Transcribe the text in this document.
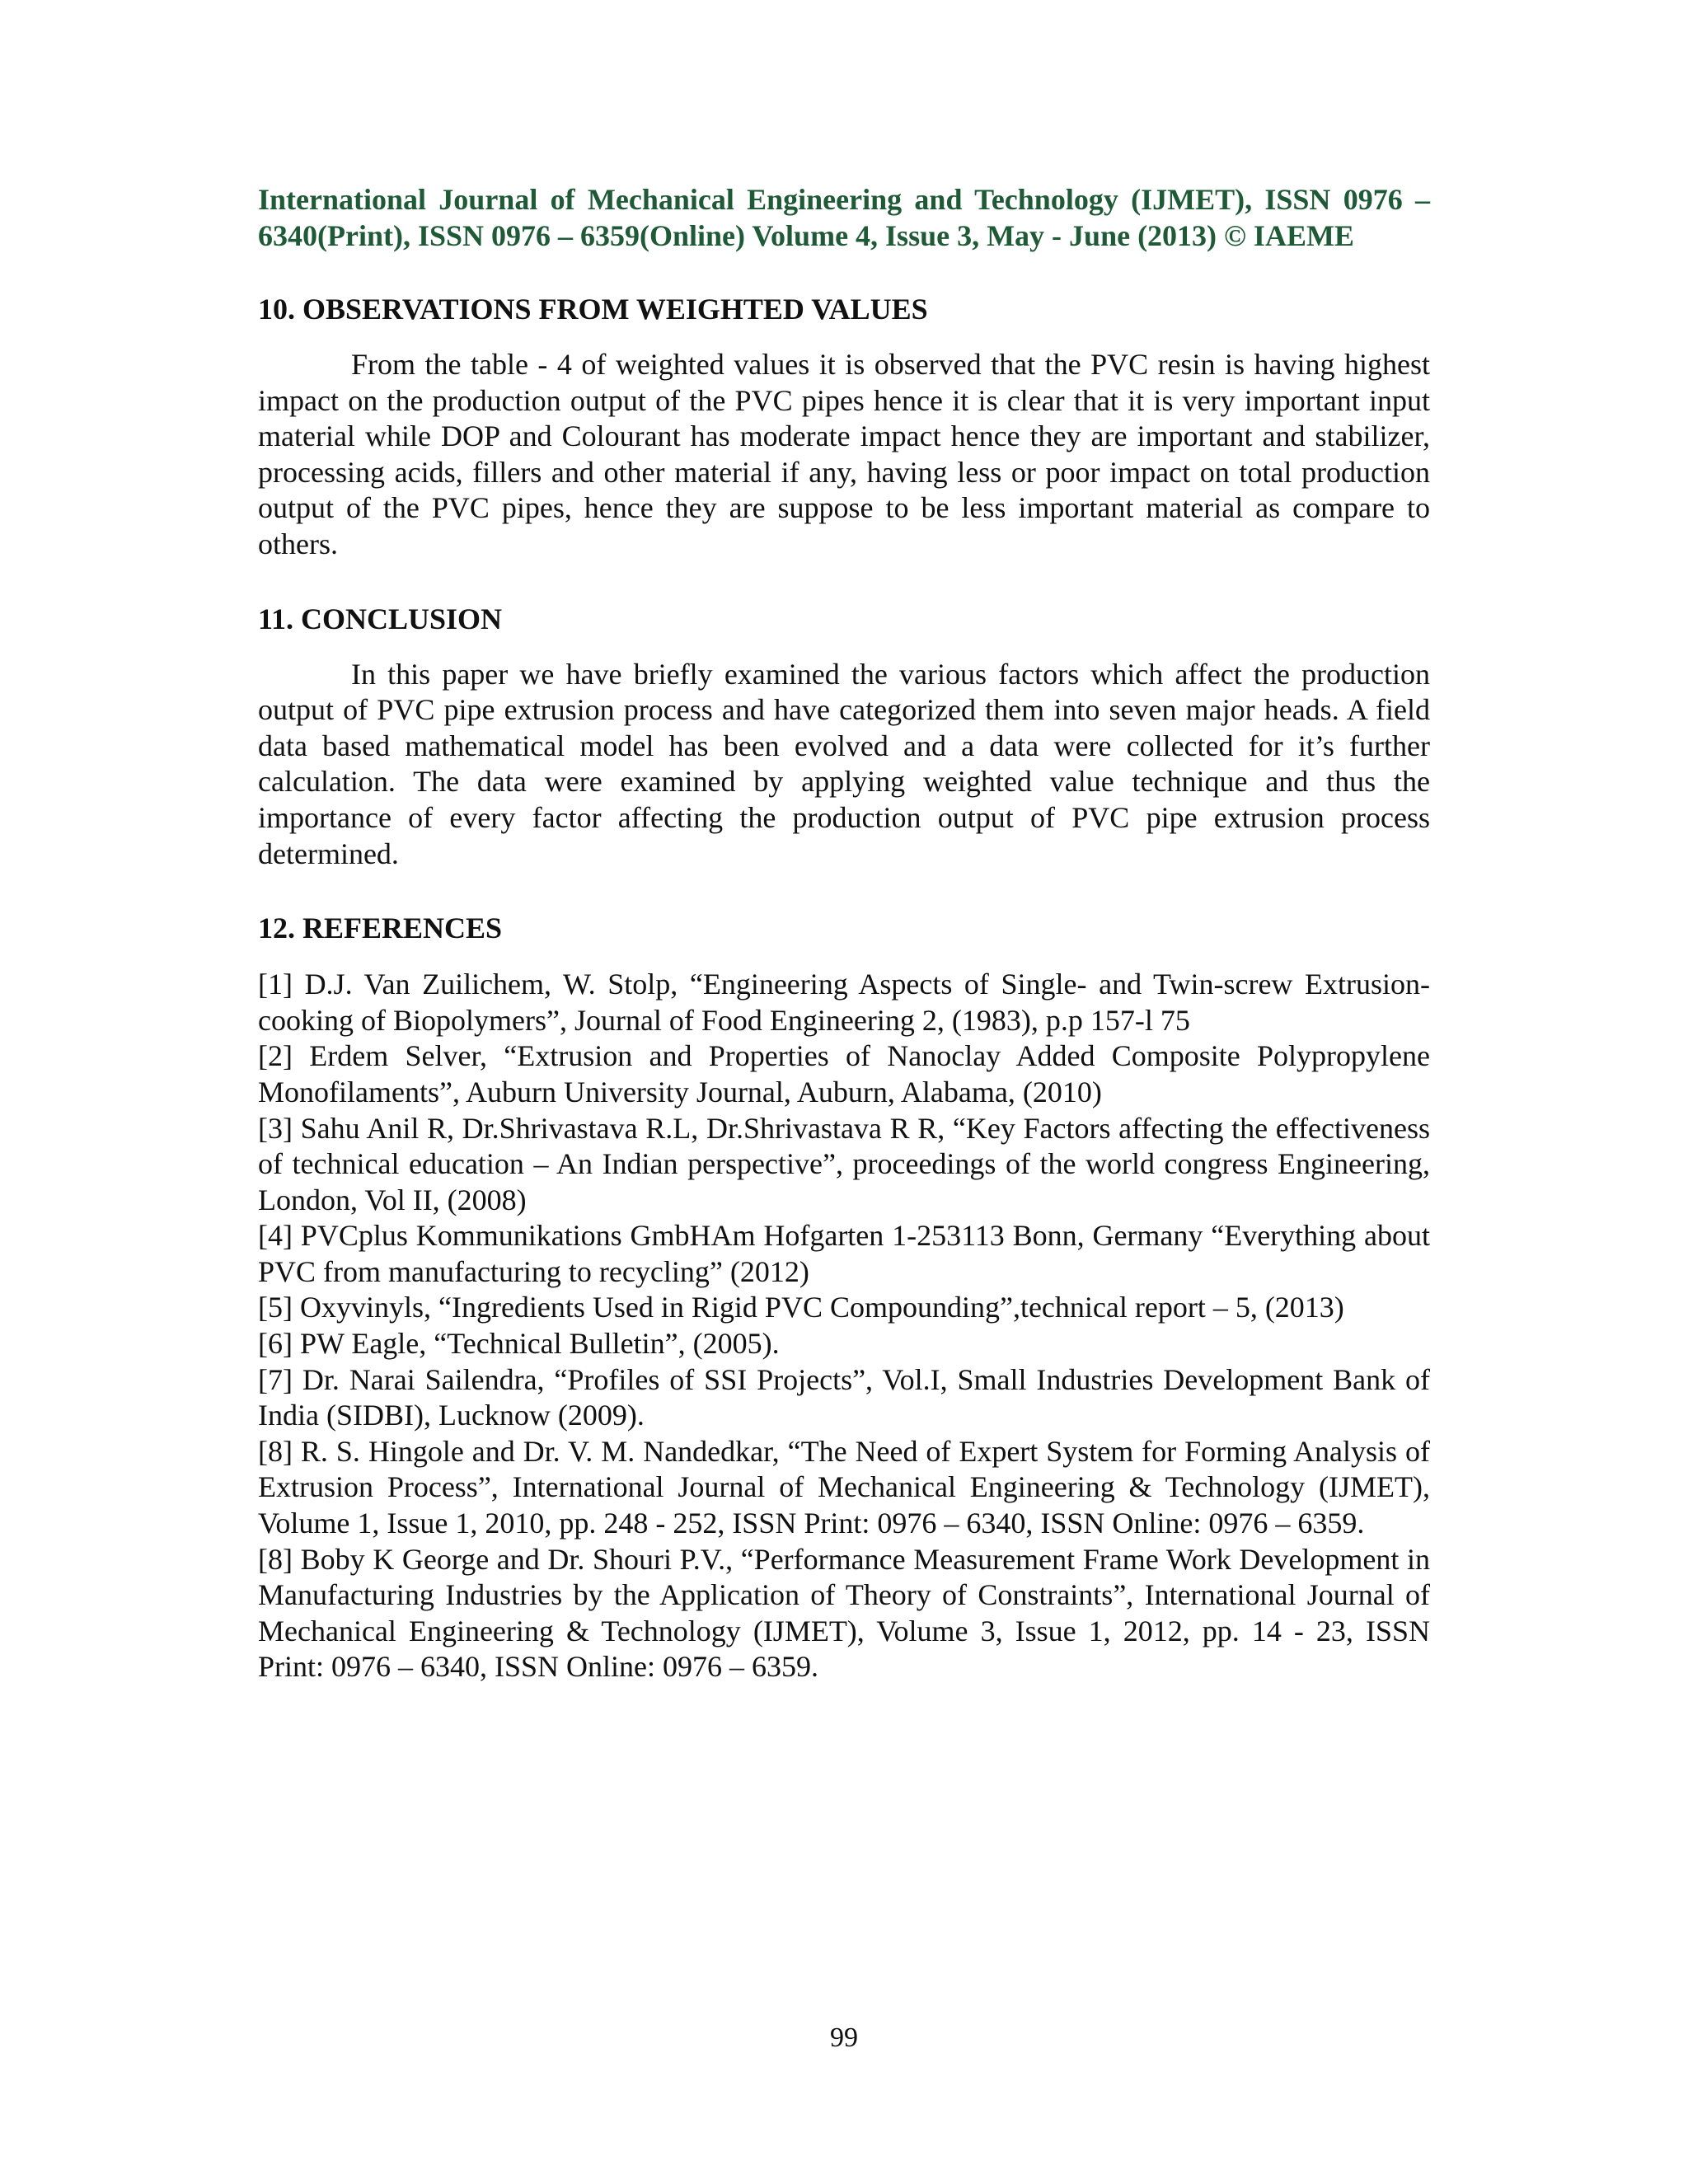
International Journal of Mechanical Engineering and Technology (IJMET), ISSN 0976 – 6340(Print), ISSN 0976 – 6359(Online) Volume 4, Issue 3, May - June (2013) © IAEME

10. OBSERVATIONS FROM WEIGHTED VALUES

From the table - 4 of weighted values it is observed that the PVC resin is having highest impact on the production output of the PVC pipes hence it is clear that it is very important input material while DOP and Colourant has moderate impact hence they are important and stabilizer, processing acids, fillers and other material if any, having less or poor impact on total production output of the PVC pipes, hence they are suppose to be less important material as compare to others.

11. CONCLUSION

In this paper we have briefly examined the various factors which affect the production output of PVC pipe extrusion process and have categorized them into seven major heads. A field data based mathematical model has been evolved and a data were collected for it’s further calculation. The data were examined by applying weighted value technique and thus the importance of every factor affecting the production output of PVC pipe extrusion process determined.

12. REFERENCES

[1] D.J. Van Zuilichem, W. Stolp, “Engineering Aspects of Single- and Twin-screw Extrusion-cooking of Biopolymers”, Journal of Food Engineering 2, (1983), p.p 157-l 75

[2] Erdem Selver, “Extrusion and Properties of Nanoclay Added Composite Polypropylene Monofilaments”, Auburn University Journal, Auburn, Alabama, (2010)

[3] Sahu Anil R, Dr.Shrivastava R.L, Dr.Shrivastava R R, “Key Factors affecting the effectiveness of technical education – An Indian perspective”, proceedings of the world congress Engineering, London, Vol II, (2008)

[4] PVCplus Kommunikations GmbHAm Hofgarten 1-253113 Bonn, Germany “Everything about PVC from manufacturing to recycling” (2012)

[5] Oxyvinyls, “Ingredients Used in Rigid PVC Compounding”,technical report – 5, (2013)

[6] PW Eagle, “Technical Bulletin”, (2005).

[7] Dr. Narai Sailendra, “Profiles of SSI Projects”, Vol.I, Small Industries Development Bank of India (SIDBI), Lucknow (2009).

[8] R. S. Hingole and Dr. V. M. Nandedkar, “The Need of Expert System for Forming Analysis of Extrusion Process”, International Journal of Mechanical Engineering & Technology (IJMET), Volume 1, Issue 1, 2010, pp. 248 - 252, ISSN Print: 0976 – 6340, ISSN Online: 0976 – 6359.

[8] Boby K George and Dr. Shouri P.V., “Performance Measurement Frame Work Development in Manufacturing Industries by the Application of Theory of Constraints”, International Journal of Mechanical Engineering & Technology (IJMET), Volume 3, Issue 1, 2012, pp. 14 - 23, ISSN Print: 0976 – 6340, ISSN Online: 0976 – 6359.

99
